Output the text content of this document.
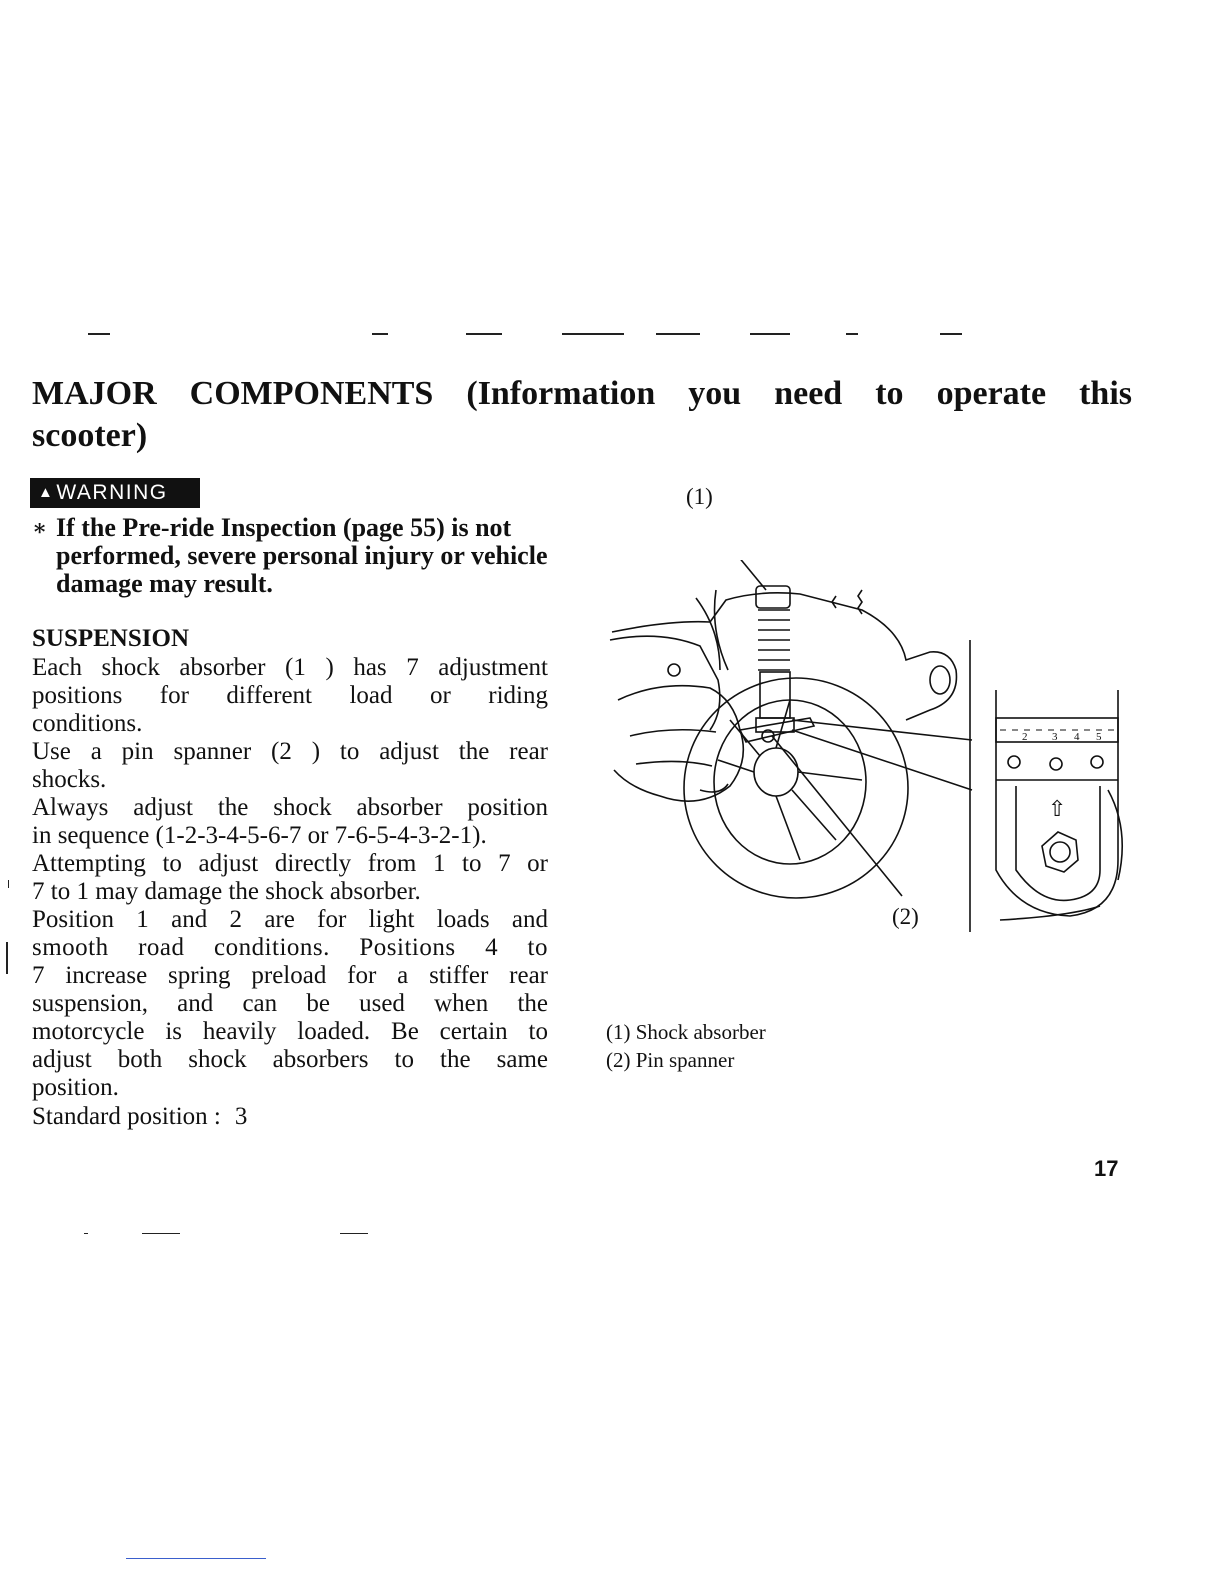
MAJOR COMPONENTS (Information you need to operate this
scooter)
▲ WARNING
∗ If the Pre-ride Inspection (page 55) is not performed, severe personal injury or vehicle damage may result.
SUSPENSION
Each shock absorber (1 ) has 7 adjustment
positions for different load or riding
conditions.
Use a pin spanner (2 ) to adjust the rear
shocks.
Always adjust the shock absorber position
in sequence (1-2-3-4-5-6-7 or 7-6-5-4-3-2-1).
Attempting to adjust directly from 1 to 7 or
7 to 1 may damage the shock absorber.
Position 1 and 2 are for light loads and
smooth road conditions. Positions 4 to
7 increase spring preload for a stiffer rear
suspension, and can be used when the
motorcycle is heavily loaded. Be certain to
adjust both shock absorbers to the same
position.
Standard position : 3
(1)
(2)
2 3 4 5
⇧
(1) Shock absorber
(2) Pin spanner
17
